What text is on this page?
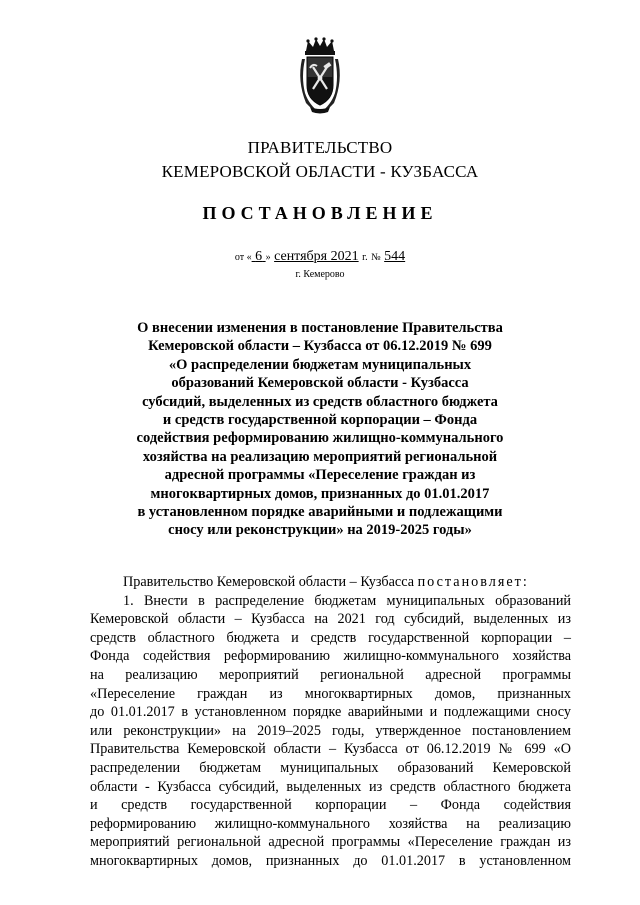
ПРАВИТЕЛЬСТВО
КЕМЕРОВСКОЙ ОБЛАСТИ - КУЗБАССА
ПОСТАНОВЛЕНИЕ
от « 6 » сентября 2021 г. № 544
г. Кемерово
О внесении изменения в постановление Правительства
Кемеровской области – Кузбасса от 06.12.2019 № 699
«О распределении бюджетам муниципальных
образований Кемеровской области - Кузбасса
субсидий, выделенных из средств областного бюджета
и средств государственной корпорации – Фонда
содействия реформированию жилищно-коммунального
хозяйства на реализацию мероприятий региональной
адресной программы «Переселение граждан из
многоквартирных домов, признанных до 01.01.2017
в установленном порядке аварийными и подлежащими
сносу или реконструкции» на 2019-2025 годы»
Правительство Кемеровской области – Кузбасса постановляет:
1. Внести в распределение бюджетам муниципальных образований
Кемеровской области – Кузбасса на 2021 год субсидий, выделенных из
средств областного бюджета и средств государственной корпорации –
Фонда содействия реформированию жилищно-коммунального хозяйства
на реализацию мероприятий региональной адресной программы
«Переселение граждан из многоквартирных домов, признанных
до 01.01.2017 в установленном порядке аварийными и подлежащими сносу
или реконструкции» на 2019–2025 годы, утвержденное постановлением
Правительства Кемеровской области – Кузбасса от 06.12.2019 № 699 «О
распределении бюджетам муниципальных образований Кемеровской
области - Кузбасса субсидий, выделенных из средств областного бюджета
и средств государственной корпорации – Фонда содействия
реформированию жилищно-коммунального хозяйства на реализацию
мероприятий региональной адресной программы «Переселение граждан из
многоквартирных домов, признанных до 01.01.2017 в установленном
